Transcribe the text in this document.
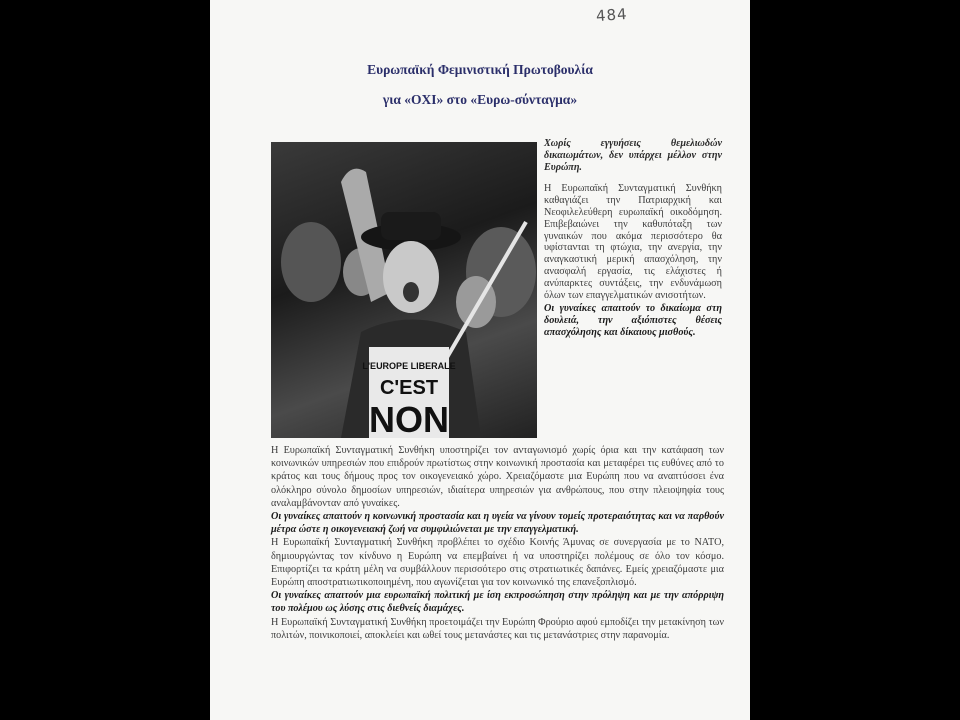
484
Ευρωπαϊκή Φεμινιστική Πρωτοβουλία
για «ΟΧΙ» στο «Ευρω-σύνταγμα»
L'EUROPE LIBERALE
C'EST
NON

Χωρίς εγγυήσεις θεμελιωδών δικαιωμάτων, δεν υπάρχει μέλλον στην Ευρώπη.

Η Ευρωπαϊκή Συνταγματική Συνθήκη καθαγιάζει την Πατριαρχική και Νεοφιλελεύθερη ευρωπαϊκή οικοδόμηση. Επιβεβαιώνει την καθυπόταξη των γυναικών που ακόμα περισσότερο θα υφίστανται τη φτώχια, την ανεργία, την αναγκαστική μερική απασχόληση, την ανασφαλή εργασία, τις ελάχιστες ή ανύπαρκτες συντάξεις, την ενδυνάμωση όλων των επαγγελματικών ανισοτήτων.

Οι γυναίκες απαιτούν το δικαίωμα στη δουλειά, την αξιόπιστες θέσεις απασχόλησης και δίκαιους μισθούς.

Η Ευρωπαϊκή Συνταγματική Συνθήκη υποστηρίζει τον ανταγωνισμό χωρίς όρια και την κατάφαση των κοινωνικών υπηρεσιών που επιδρούν πρωτίστως στην κοινωνική προστασία και μεταφέρει τις ευθύνες από το κράτος και τους δήμους προς τον οικογενειακό χώρο. Χρειαζόμαστε μια Ευρώπη που να αναπτύσσει ένα ολόκληρο σύνολο δημοσίων υπηρεσιών, ιδιαίτερα υπηρεσιών για ανθρώπους, που στην πλειοψηφία τους αναλαμβάνονταν από γυναίκες.

Οι γυναίκες απαιτούν η κοινωνική προστασία και η υγεία να γίνουν τομείς προτεραιότητας και να παρθούν μέτρα ώστε η οικογενειακή ζωή να συμφιλιώνεται με την επαγγελματική.

Η Ευρωπαϊκή Συνταγματική Συνθήκη προβλέπει το σχέδιο Κοινής Άμυνας σε συνεργασία με το ΝΑΤΟ, δημιουργώντας τον κίνδυνο η Ευρώπη να επεμβαίνει ή να υποστηρίζει πολέμους σε όλο τον κόσμο. Επιφορτίζει τα κράτη μέλη να συμβάλλουν περισσότερο στις στρατιωτικές δαπάνες. Εμείς χρειαζόμαστε μια Ευρώπη αποστρατιωτικοποιημένη, που αγωνίζεται για τον κοινωνικό της επανεξοπλισμό.

Οι γυναίκες απαιτούν μια ευρωπαϊκή πολιτική με ίση εκπροσώπηση στην πρόληψη και με την απόρριψη του πολέμου ως λύσης στις διεθνείς διαμάχες.

Η Ευρωπαϊκή Συνταγματική Συνθήκη προετοιμάζει την Ευρώπη Φρούριο αφού εμποδίζει την μετακίνηση των πολιτών, ποινικοποιεί, αποκλείει και ωθεί τους μετανάστες και τις μετανάστριες στην παρανομία.
